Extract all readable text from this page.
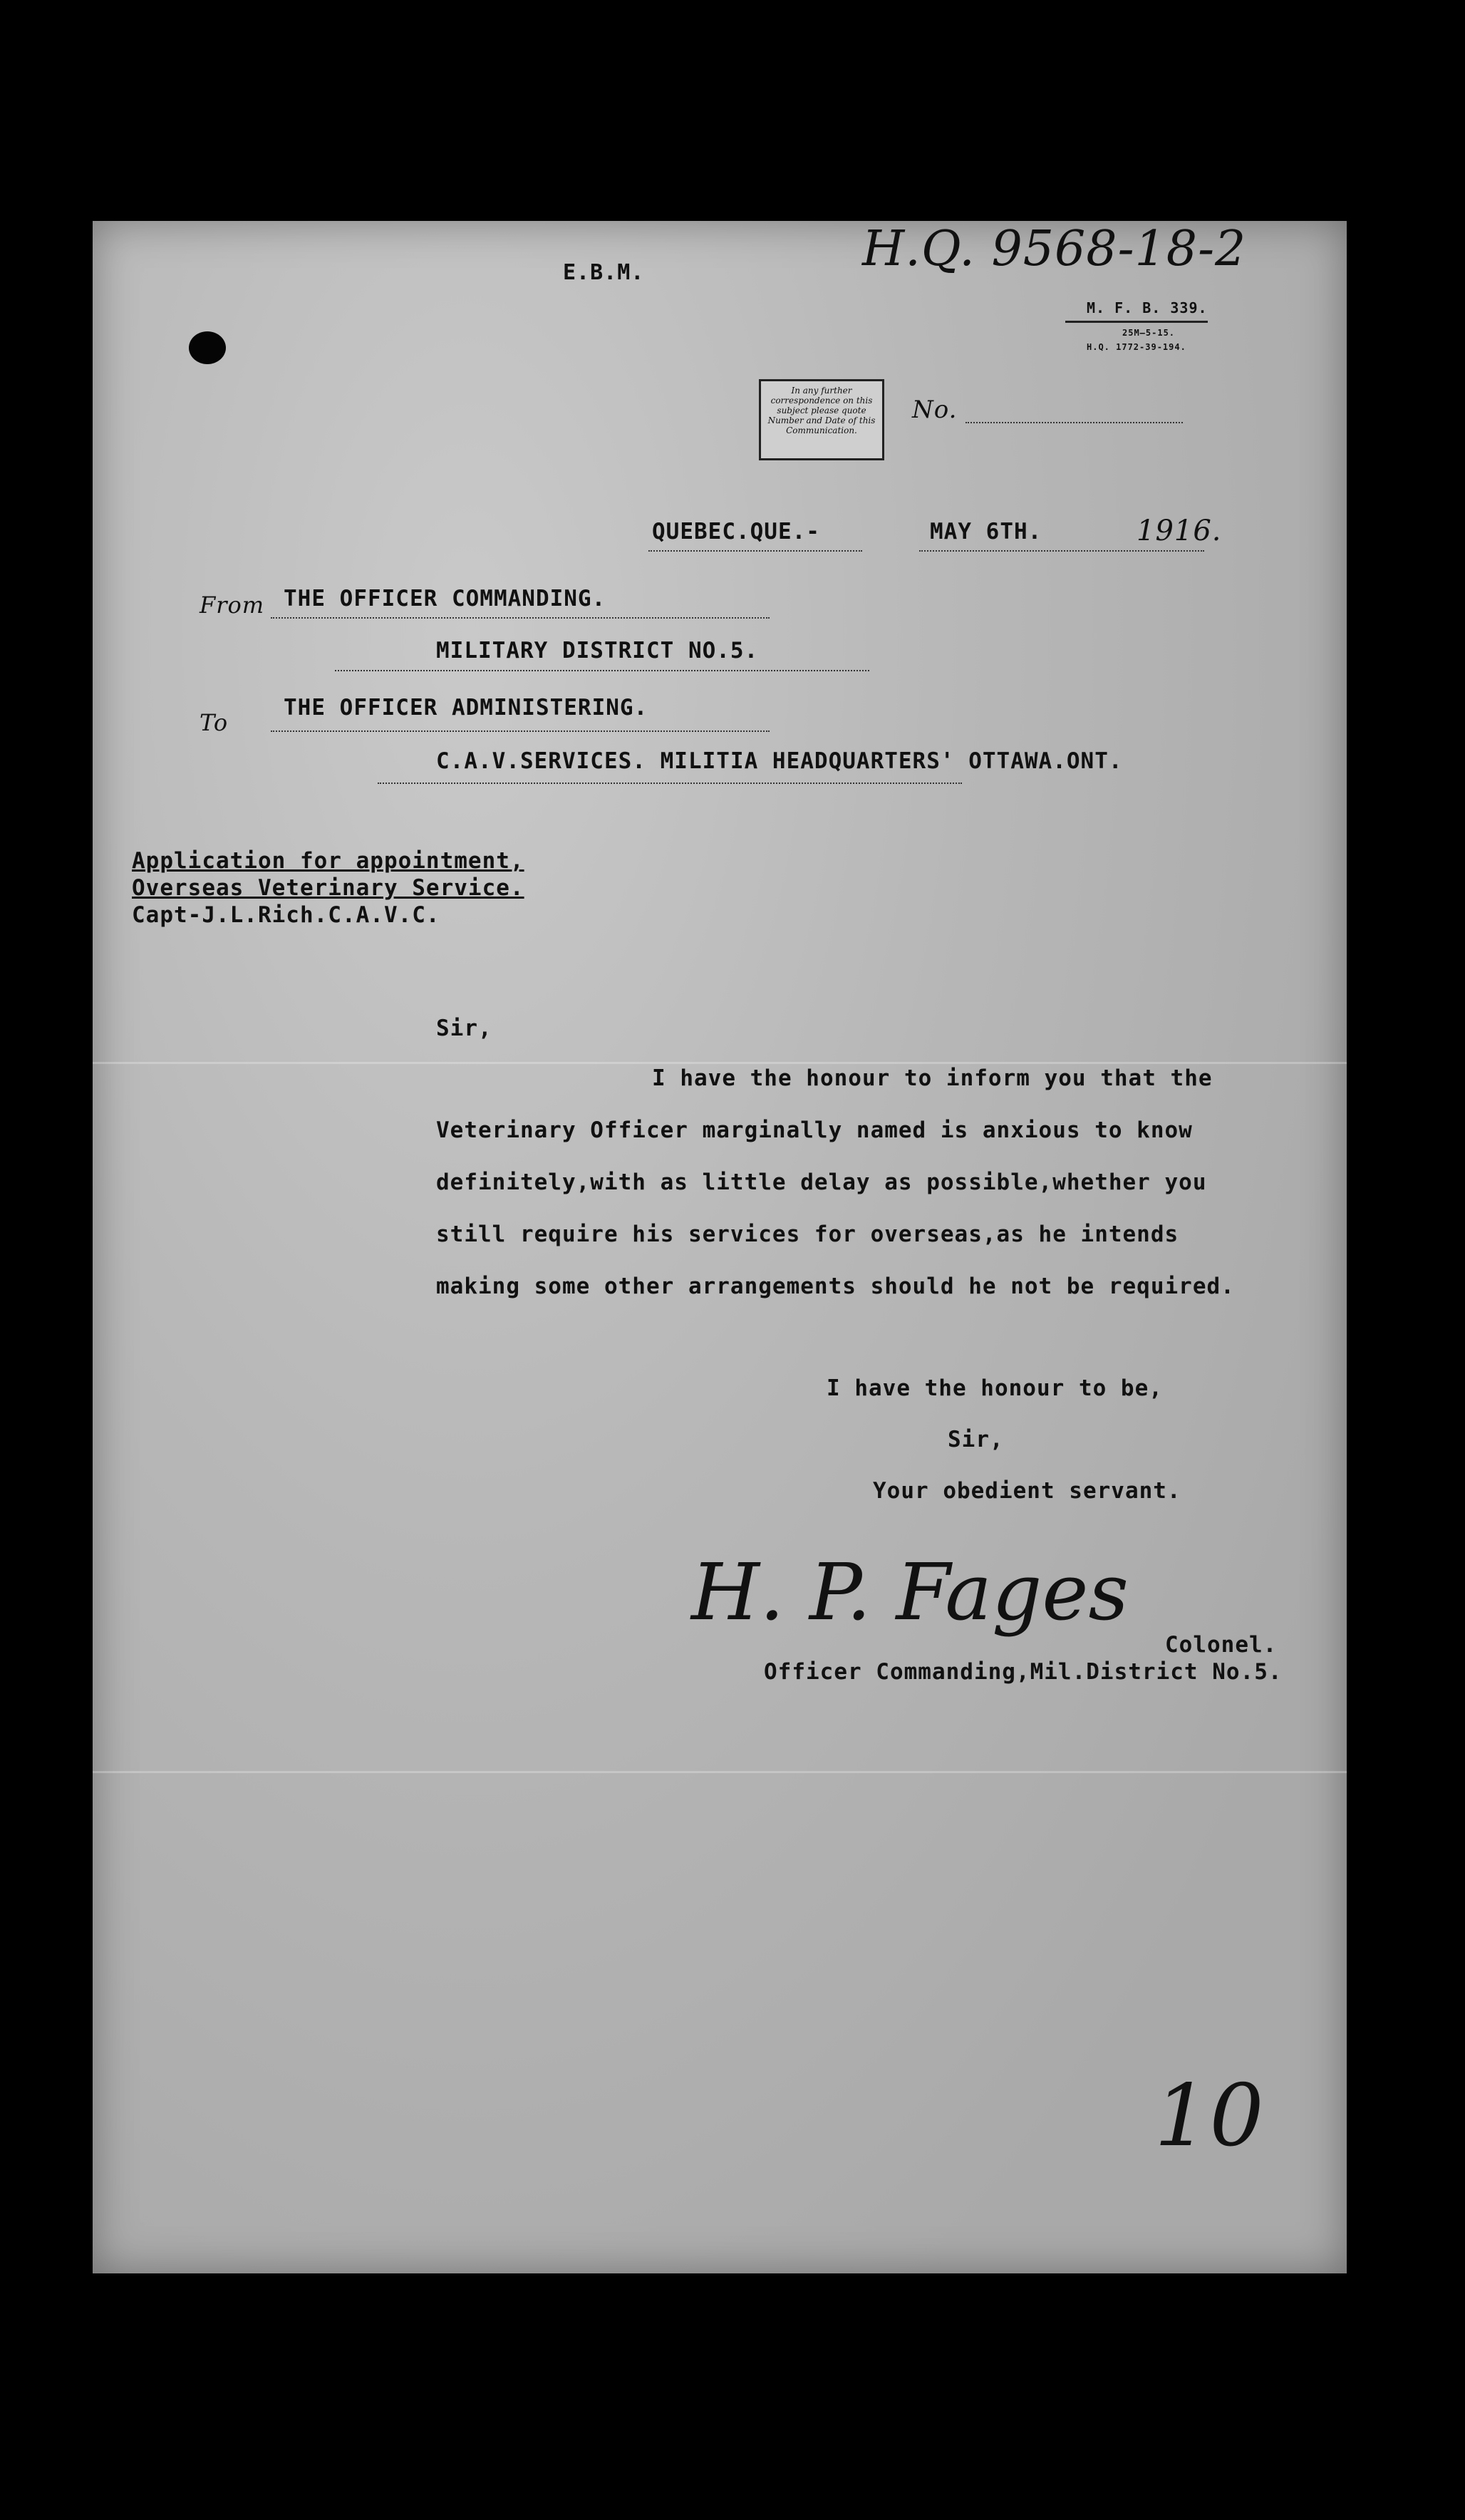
E.B.M.	H.Q. 9568-18-2
M. F. B. 339.
25M—5-15.
H.Q. 1772-39-194.
In any further correspondence on this subject please quote Number and Date of this Communication.
No.
QUEBEC.QUE.-	MAY 6TH.	1916.
From THE OFFICER COMMANDING.
MILITARY DISTRICT NO.5.
To
THE OFFICER ADMINISTERING.
C.A.V.SERVICES. MILITIA HEADQUARTERS' OTTAWA.ONT.
Application for appointment,
Overseas Veterinary Service.
Capt-J.L.Rich.C.A.V.C.
Sir,
I have the honour to inform you that the
Veterinary Officer marginally named is anxious to know
definitely,with as little delay as possible,whether you
still require his services for overseas,as he intends
making some other arrangements should he not be required.
I have the honour to be,
Sir,
Your obedient servant.
H. P. Fages
Colonel.
Officer Commanding,Mil.District No.5.
10
